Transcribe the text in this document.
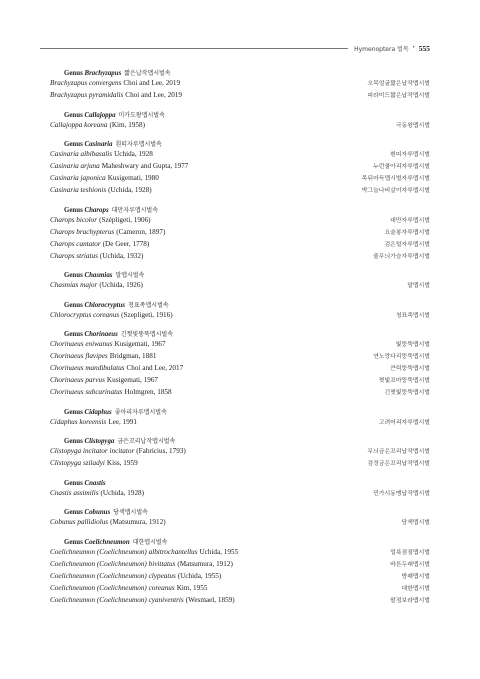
Hymenoptera 벌목 • 555
Genus Brachyzapus 짧은납작맵시벌속
Brachyzapus convergens Choi and Lee, 2019	오목얼굴짧은납작맵시벌
Brachyzapus pyramidalis Choi and Lee, 2019	피라미드짧은납작맵시벌
Genus Callajoppa 미카도왕맵시벌속
Callajoppa koreana (Kim, 1958)	극동왕맵시벌
Genus Casinaria 흰띠자루맵시벌속
Casinaria albibasalis Uchida, 1928	흰띠자루맵시벌
Casinaria arjuna Maheshwary and Gupta, 1977	누런쿨아리자루맵시벌
Casinaria japonica Kusigemati, 1980	목뒤마득맵시벌자루맵시벌
Casinaria teshionis (Uchida, 1928)	박그늘나비살이자루맵시벌
Genus Charops 대만자루맵시벌속
Charops bicolor (Szépligeti, 1906)	대만자루맵시벌
Charops brachypterus (Cameron, 1897)	요술봉자루맵시벌
Charops cantator (De Geer, 1778)	검은털자루맵시벌
Charops striatus (Uchida, 1932)	줄무늬가슴자루맵시벌
Genus Chasmias 말맵시벌속
Chasmias major (Uchida, 1926)	말맵시벌
Genus Chlorocryptus 청표족맵시벌속
Chlorocryptus coreanus (Szepligeti, 1916)	청표족맵시벌
Genus Chorinaeus 긴쩟빛뚱뚝맵시벌속
Chorinaeus eniwanus Kusigemati, 1967	빛뚱뚝맵시벌
Chorinaeus flavipes Bridgman, 1881	연노랑다리뚱뚝맵시벌
Chorinaeus mandibulatus Choi and Lee, 2017	큰턱뚱뚝맵시벌
Chorinaeus parvus Kusigemati, 1967	쩟빛꼬마뚱뚝맵시벌
Chorinaeus subcarinatus Holmgren, 1858	긴쩟빛뚱뚝맵시벌
Genus Cidaphus 좋아리자루맵시벌속
Cidaphus koreensis Lee, 1991	고려어리자루맵시벌
Genus Clistopyga 금은꼬리납작맵시벌속
Clistopyga incitator incitator (Fabricius, 1793)	무늬금은꼬리납작맵시벌
Clistopyga sziladyi Kiss, 1959	검정금은꼬리납작맵시벌
Genus Cnastis
Cnastis assimilis (Uchida, 1928)	민가시동맹납작맵시벌
Genus Cobunus 당색맵시벌속
Cobunus pallidiolus (Matsumura, 1912)	당색맵시벌
Genus Coelichneumon 대한맵시벌속
Coelichneumon (Coelichneumon) albitrochantellus Uchida, 1955	얼룩점점맵시벌
Coelichneumon (Coelichneumon) bivittatus (Matsumura, 1912)	바튼두래맵시벌
Coelichneumon (Coelichneumon) clypeatus (Uchida, 1955)	방패맵시벌
Coelichneumon (Coelichneumon) coreanus Kim, 1955	대한맵시벌
Coelichneumon (Coelichneumon) cyaniventris (Wesmael, 1859)	팔점보라맵시벌
